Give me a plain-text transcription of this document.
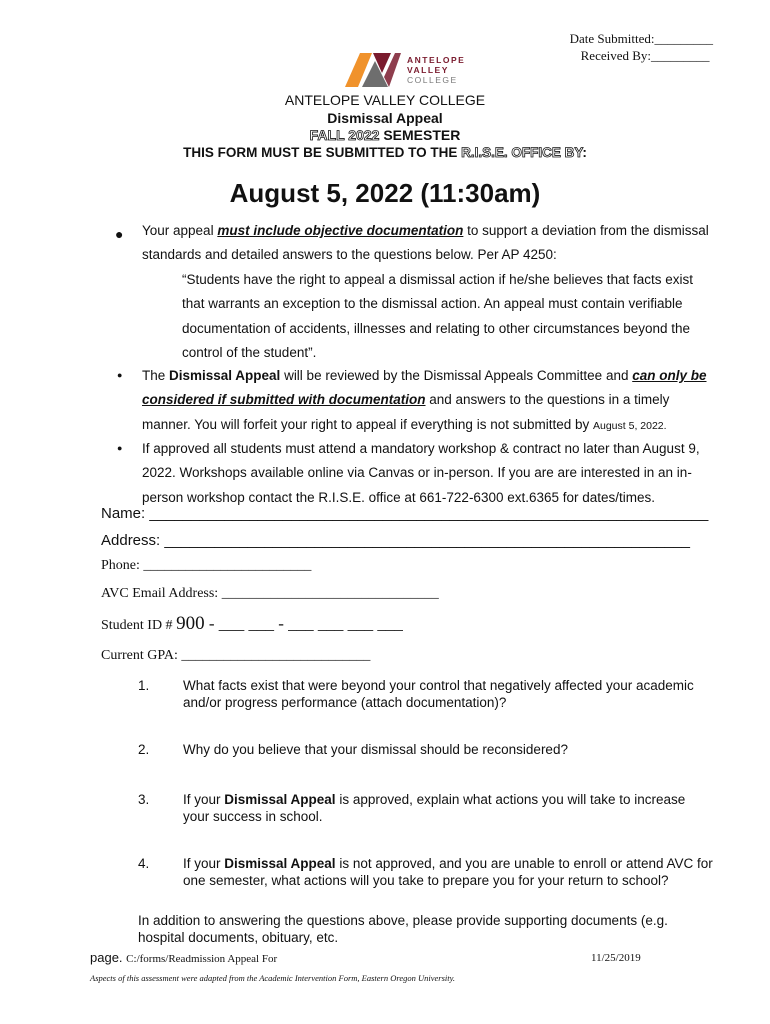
Date Submitted:_________
Received By:_________
ANTELOPE
VALLEY
COLLEGE
ANTELOPE VALLEY COLLEGE
Dismissal Appeal
FALL 2022 SEMESTER
THIS FORM MUST BE SUBMITTED TO THE R.I.S.E. OFFICE BY:
August 5, 2022 (11:30am)
● Your appeal must include objective documentation to support a deviation from the dismissal standards and detailed answers to the questions below. Per AP 4250:
“Students have the right to appeal a dismissal action if he/she believes that facts exist that warrants an exception to the dismissal action. An appeal must contain verifiable documentation of accidents, illnesses and relating to other circumstances beyond the control of the student”.
● The Dismissal Appeal will be reviewed by the Dismissal Appeals Committee and can only be considered if submitted with documentation and answers to the questions in a timely manner. You will forfeit your right to appeal if everything is not submitted by August 5, 2022.
● If approved all students must attend a mandatory workshop & contract no later than August 9, 2022. Workshops available online via Canvas or in-person. If you are are interested in an in-person workshop contact the R.I.S.E. office at 661-722-6300 ext.6365 for dates/times.
Name: ___________________________________________________________________
Address: _______________________________________________________________
Phone: ________________________
AVC Email Address: _______________________________
Student ID # 900 - ___ ___ - ___ ___ ___ ___
Current GPA: ___________________________
1. What facts exist that were beyond your control that negatively affected your academic and/or progress performance (attach documentation)?
2. Why do you believe that your dismissal should be reconsidered?
3. If your Dismissal Appeal is approved, explain what actions you will take to increase your success in school.
4. If your Dismissal Appeal is not approved, and you are unable to enroll or attend AVC for one semester, what actions will you take to prepare you for your return to school?
In addition to answering the questions above, please provide supporting documents (e.g. hospital documents, obituary, etc.
page. C:/forms/Readmission Appeal For	11/25/2019
Aspects of this assessment were adapted from the Academic Intervention Form, Eastern Oregon University.
